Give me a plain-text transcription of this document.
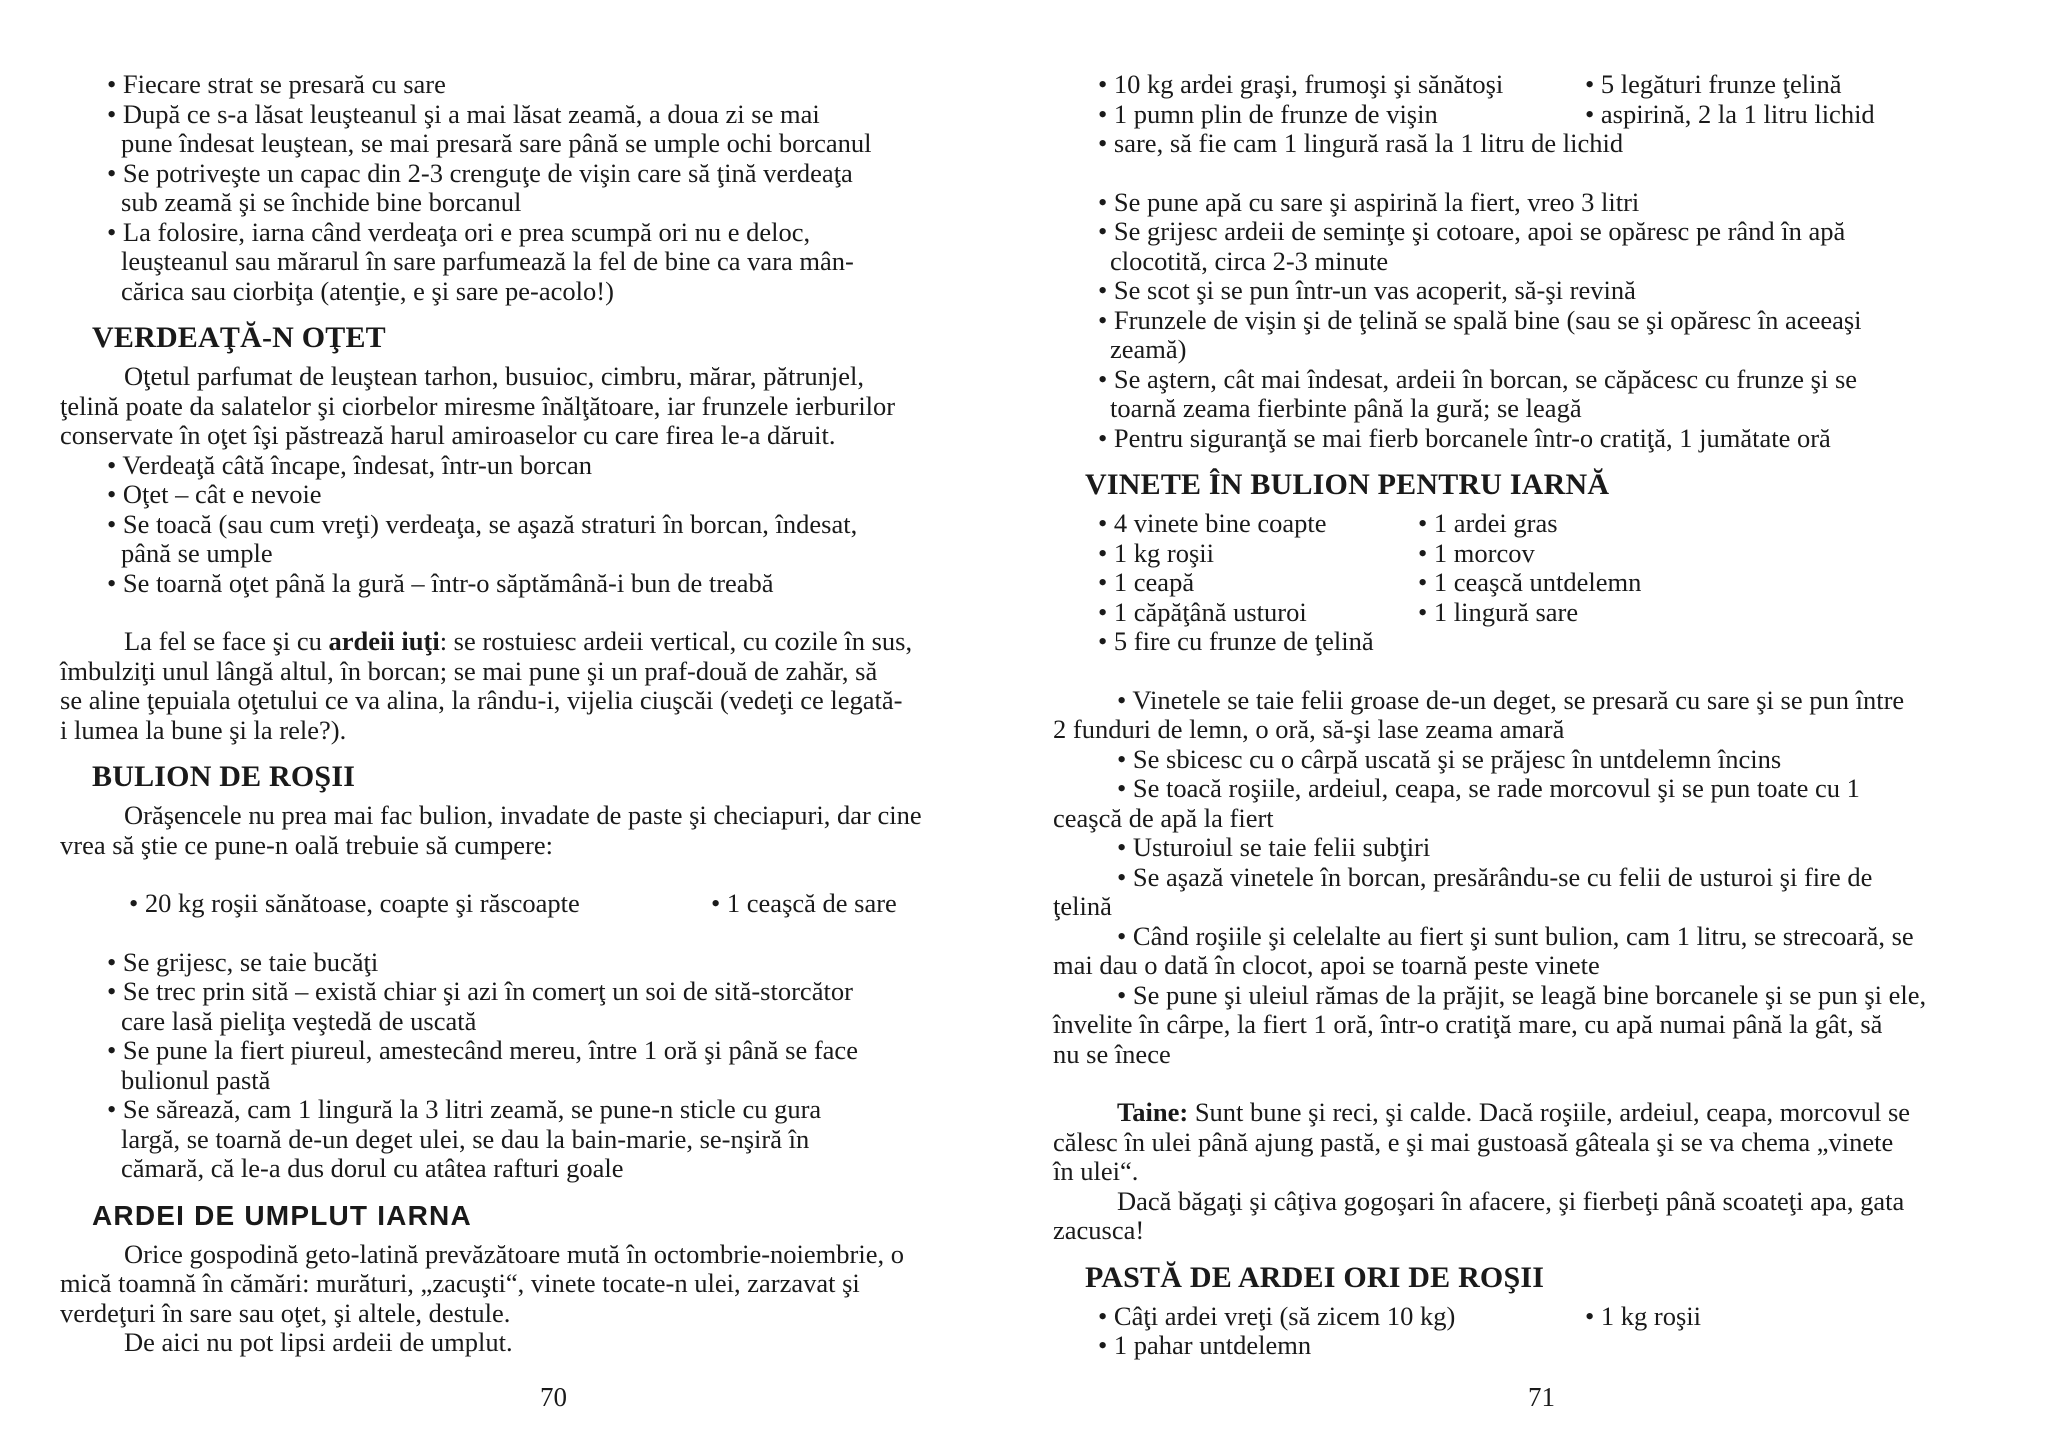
• Fiecare strat se presară cu sare
• După ce s-a lăsat leuşteanul şi a mai lăsat zeamă, a doua zi se mai
pune îndesat leuştean, se mai presară sare până se umple ochi borcanul
• Se potriveşte un capac din 2-3 crenguţe de vişin care să ţină verdeaţa
sub zeamă şi se închide bine borcanul
• La folosire, iarna când verdeaţa ori e prea scumpă ori nu e deloc,
leuşteanul sau mărarul în sare parfumează la fel de bine ca vara mân-
cărica sau ciorbiţa (atenţie, e şi sare pe-acolo!)
VERDEAŢĂ-N OŢET
Oţetul parfumat de leuştean tarhon, busuioc, cimbru, mărar, pătrunjel,
ţelină poate da salatelor şi ciorbelor miresme înălţătoare, iar frunzele ierburilor
conservate în oţet îşi păstrează harul amiroaselor cu care firea le-a dăruit.
• Verdeaţă câtă încape, îndesat, într-un borcan
• Oţet – cât e nevoie
• Se toacă (sau cum vreţi) verdeaţa, se aşază straturi în borcan, îndesat,
până se umple
• Se toarnă oţet până la gură – într-o săptămână-i bun de treabă
La fel se face şi cu ardeii iuţi: se rostuiesc ardeii vertical, cu cozile în sus,
îmbulziţi unul lângă altul, în borcan; se mai pune şi un praf-două de zahăr, să
se aline ţepuiala oţetului ce va alina, la rându-i, vijelia ciuşcăi (vedeţi ce legată-
i lumea la bune şi la rele?).
BULION DE ROŞII
Orăşencele nu prea mai fac bulion, invadate de paste şi checiapuri, dar cine
vrea să ştie ce pune-n oală trebuie să cumpere:
• 20 kg roşii sănătoase, coapte şi răscoapte	• 1 ceaşcă de sare
• Se grijesc, se taie bucăţi
• Se trec prin sită – există chiar şi azi în comerţ un soi de sită-storcător
care lasă pieliţa veştedă de uscată
• Se pune la fiert piureul, amestecând mereu, între 1 oră şi până se face
bulionul pastă
• Se sărează, cam 1 lingură la 3 litri zeamă, se pune-n sticle cu gura
largă, se toarnă de-un deget ulei, se dau la bain-marie, se-nşiră în
cămară, că le-a dus dorul cu atâtea rafturi goale
ARDEI DE UMPLUT IARNA
Orice gospodină geto-latină prevăzătoare mută în octombrie-noiembrie, o
mică toamnă în cămări: murături, „zacuşti“, vinete tocate-n ulei, zarzavat şi
verdeţuri în sare sau oţet, şi altele, destule.
De aici nu pot lipsi ardeii de umplut.
70
• 10 kg ardei graşi, frumoşi şi sănătoşi
• 1 pumn plin de frunze de vişin
• sare, să fie cam 1 lingură rasă la 1 litru de lichid
• 5 legături frunze ţelină
• aspirină, 2 la 1 litru lichid
• Se pune apă cu sare şi aspirină la fiert, vreo 3 litri
• Se grijesc ardeii de seminţe şi cotoare, apoi se opăresc pe rând în apă
clocotită, circa 2-3 minute
• Se scot şi se pun într-un vas acoperit, să-şi revină
• Frunzele de vişin şi de ţelină se spală bine (sau se şi opăresc în aceeaşi
zeamă)
• Se aştern, cât mai îndesat, ardeii în borcan, se căpăcesc cu frunze şi se
toarnă zeama fierbinte până la gură; se leagă
• Pentru siguranţă se mai fierb borcanele într-o cratiţă, 1 jumătate oră
VINETE ÎN BULION PENTRU IARNĂ
• 4 vinete bine coapte
• 1 kg roşii
• 1 ceapă
• 1 căpăţână usturoi
• 5 fire cu frunze de ţelină
• 1 ardei gras
• 1 morcov
• 1 ceaşcă untdelemn
• 1 lingură sare
• Vinetele se taie felii groase de-un deget, se presară cu sare şi se pun între
2 funduri de lemn, o oră, să-şi lase zeama amară
• Se sbicesc cu o cârpă uscată şi se prăjesc în untdelemn încins
• Se toacă roşiile, ardeiul, ceapa, se rade morcovul şi se pun toate cu 1
ceaşcă de apă la fiert
• Usturoiul se taie felii subţiri
• Se aşază vinetele în borcan, presărându-se cu felii de usturoi şi fire de
ţelină
• Când roşiile şi celelalte au fiert şi sunt bulion, cam 1 litru, se strecoară, se
mai dau o dată în clocot, apoi se toarnă peste vinete
• Se pune şi uleiul rămas de la prăjit, se leagă bine borcanele şi se pun şi ele,
învelite în cârpe, la fiert 1 oră, într-o cratiţă mare, cu apă numai până la gât, să
nu se înece
Taine: Sunt bune şi reci, şi calde. Dacă roşiile, ardeiul, ceapa, morcovul se
călesc în ulei până ajung pastă, e şi mai gustoasă gâteala şi se va chema „vinete
în ulei“.
Dacă băgaţi şi câţiva gogoşari în afacere, şi fierbeţi până scoateţi apa, gata
zacusca!
PASTĂ DE ARDEI ORI DE ROŞII
• Câţi ardei vreţi (să zicem 10 kg)
• 1 pahar untdelemn
• 1 kg roşii
71
